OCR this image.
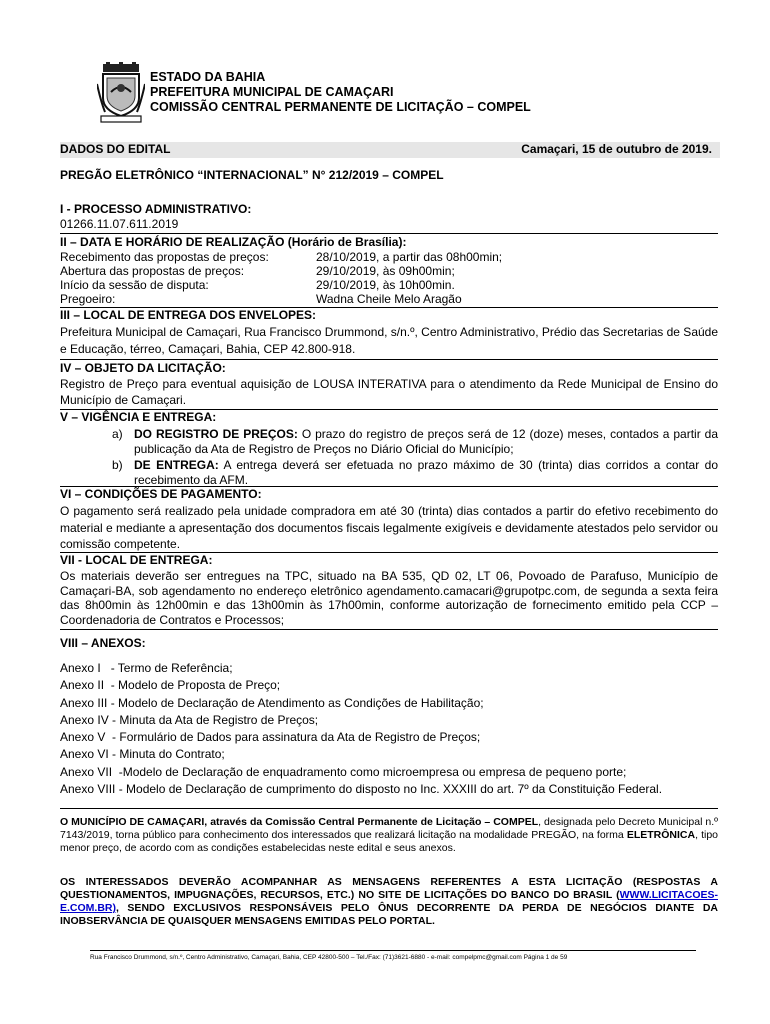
ESTADO DA BAHIA
PREFEITURA MUNICIPAL DE CAMAÇARI
COMISSÃO CENTRAL PERMANENTE DE LICITAÇÃO – COMPEL
DADOS DO EDITAL	Camaçari, 15 de outubro de 2019.
PREGÃO ELETRÔNICO “INTERNACIONAL” N° 212/2019 – COMPEL
I - PROCESSO ADMINISTRATIVO:
01266.11.07.611.2019
II – DATA E HORÁRIO DE REALIZAÇÃO (Horário de Brasília):
Recebimento das propostas de preços:	28/10/2019, a partir das 08h00min;
Abertura das propostas de preços:	29/10/2019, às 09h00min;
Início da sessão de disputa:	29/10/2019, às 10h00min.
Pregoeiro:	Wadna Cheile Melo Aragão
III – LOCAL DE ENTREGA DOS ENVELOPES:
Prefeitura Municipal de Camaçari, Rua Francisco Drummond, s/n.º, Centro Administrativo, Prédio das Secretarias de Saúde e Educação, térreo, Camaçari, Bahia, CEP 42.800-918.
IV – OBJETO DA LICITAÇÃO:
Registro de Preço para eventual aquisição de LOUSA INTERATIVA para o atendimento da Rede Municipal de Ensino do Município de Camaçari.
V – VIGÊNCIA E ENTREGA:
a) DO REGISTRO DE PREÇOS: O prazo do registro de preços será de 12 (doze) meses, contados a partir da publicação da Ata de Registro de Preços no Diário Oficial do Município;
b) DE ENTREGA: A entrega deverá ser efetuada no prazo máximo de 30 (trinta) dias corridos a contar do recebimento da AFM.
VI – CONDIÇÕES DE PAGAMENTO:
O pagamento será realizado pela unidade compradora em até 30 (trinta) dias contados a partir do efetivo recebimento do material e mediante a apresentação dos documentos fiscais legalmente exigíveis e devidamente atestados pelo servidor ou comissão competente.
VII - LOCAL DE ENTREGA:
Os materiais deverão ser entregues na TPC, situado na BA 535, QD 02, LT 06, Povoado de Parafuso, Município de Camaçari-BA, sob agendamento no endereço eletrônico agendamento.camacari@grupotpc.com, de segunda a sexta feira das 8h00min às 12h00min e das 13h00min às 17h00min, conforme autorização de fornecimento emitido pela CCP – Coordenadoria de Contratos e Processos;
VIII – ANEXOS:
Anexo I   - Termo de Referência;
Anexo II  - Modelo de Proposta de Preço;
Anexo III - Modelo de Declaração de Atendimento as Condições de Habilitação;
Anexo IV - Minuta da Ata de Registro de Preços;
Anexo V  - Formulário de Dados para assinatura da Ata de Registro de Preços;
Anexo VI - Minuta do Contrato;
Anexo VII  -Modelo de Declaração de enquadramento como microempresa ou empresa de pequeno porte;
Anexo VIII - Modelo de Declaração de cumprimento do disposto no Inc. XXXIII do art. 7º da Constituição Federal.
O MUNICÍPIO DE CAMAÇARI, através da Comissão Central Permanente de Licitação – COMPEL, designada pelo Decreto Municipal n.º 7143/2019, torna público para conhecimento dos interessados que realizará licitação na modalidade PREGÃO, na forma ELETRÔNICA, tipo menor preço, de acordo com as condições estabelecidas neste edital e seus anexos.
OS INTERESSADOS DEVERÃO ACOMPANHAR AS MENSAGENS REFERENTES A ESTA LICITAÇÃO (RESPOSTAS A QUESTIONAMENTOS, IMPUGNAÇÕES, RECURSOS, ETC.) NO SITE DE LICITAÇÕES DO BANCO DO BRASIL (WWW.LICITACOES-E.COM.BR), SENDO EXCLUSIVOS RESPONSÁVEIS PELO ÔNUS DECORRENTE DA PERDA DE NEGÓCIOS DIANTE DA INOBSERVÂNCIA DE QUAISQUER MENSAGENS EMITIDAS PELO PORTAL.
Rua Francisco Drummond, s/n.º, Centro Administrativo, Camaçari, Bahia, CEP 42800-500 – Tel./Fax: (71)3621-6880 - e-mail: compelpmc@gmail.com Página 1 de 59
